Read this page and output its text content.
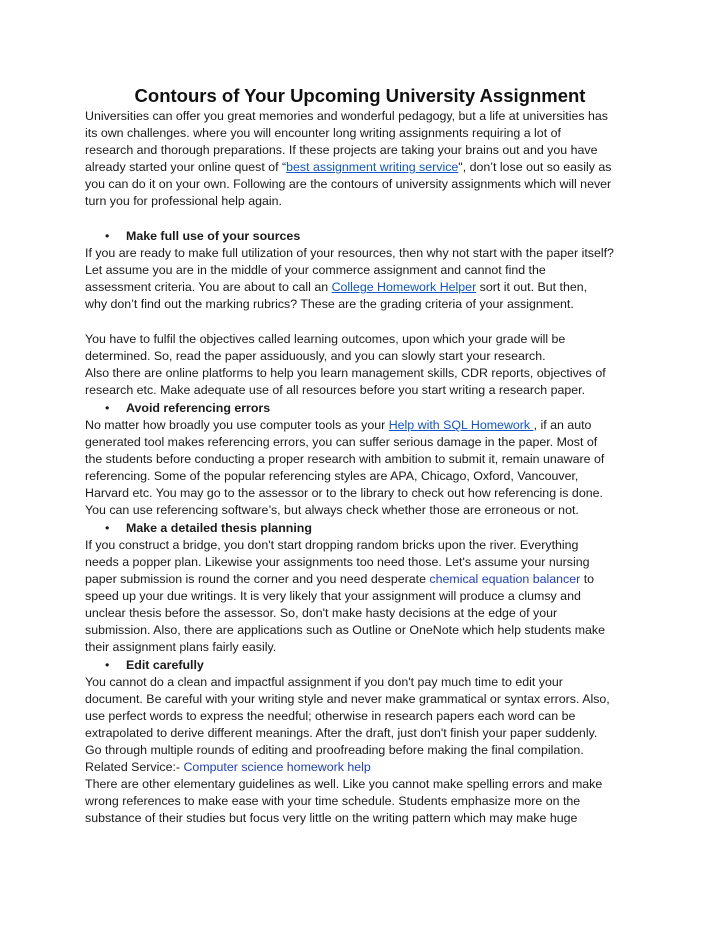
Contours of Your Upcoming University Assignment
Universities can offer you great memories and wonderful pedagogy, but a life at universities has
its own challenges. where you will encounter long writing assignments requiring a lot of
research and thorough preparations. If these projects are taking your brains out and you have
already started your online quest of “best assignment writing service", don’t lose out so easily as
you can do it on your own. Following are the contours of university assignments which will never
turn you for professional help again.
• Make full use of your sources
If you are ready to make full utilization of your resources, then why not start with the paper itself?
Let assume you are in the middle of your commerce assignment and cannot find the
assessment criteria. You are about to call an College Homework Helper sort it out. But then,
why don’t find out the marking rubrics? These are the grading criteria of your assignment.
You have to fulfil the objectives called learning outcomes, upon which your grade will be
determined. So, read the paper assiduously, and you can slowly start your research.
Also there are online platforms to help you learn management skills, CDR reports, objectives of
research etc. Make adequate use of all resources before you start writing a research paper.
• Avoid referencing errors
No matter how broadly you use computer tools as your Help with SQL Homework , if an auto
generated tool makes referencing errors, you can suffer serious damage in the paper. Most of
the students before conducting a proper research with ambition to submit it, remain unaware of
referencing. Some of the popular referencing styles are APA, Chicago, Oxford, Vancouver,
Harvard etc. You may go to the assessor or to the library to check out how referencing is done.
You can use referencing software’s, but always check whether those are erroneous or not.
• Make a detailed thesis planning
If you construct a bridge, you don't start dropping random bricks upon the river. Everything
needs a popper plan. Likewise your assignments too need those. Let's assume your nursing
paper submission is round the corner and you need desperate chemical equation balancer to
speed up your due writings. It is very likely that your assignment will produce a clumsy and
unclear thesis before the assessor. So, don't make hasty decisions at the edge of your
submission. Also, there are applications such as Outline or OneNote which help students make
their assignment plans fairly easily.
• Edit carefully
You cannot do a clean and impactful assignment if you don't pay much time to edit your
document. Be careful with your writing style and never make grammatical or syntax errors. Also,
use perfect words to express the needful; otherwise in research papers each word can be
extrapolated to derive different meanings. After the draft, just don't finish your paper suddenly.
Go through multiple rounds of editing and proofreading before making the final compilation.
Related Service:- Computer science homework help
There are other elementary guidelines as well. Like you cannot make spelling errors and make
wrong references to make ease with your time schedule. Students emphasize more on the
substance of their studies but focus very little on the writing pattern which may make huge
